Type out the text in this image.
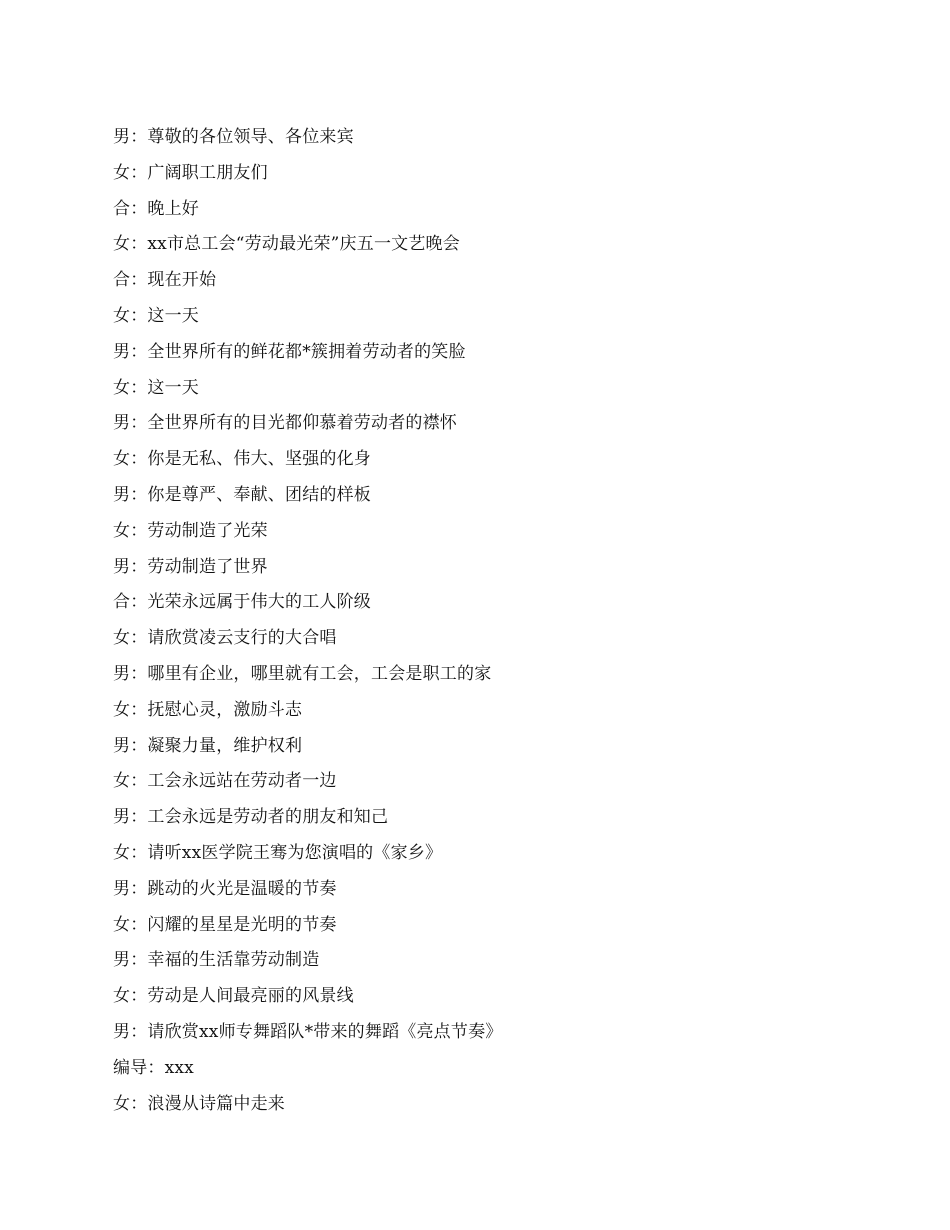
男：尊敬的各位领导、各位来宾
女：广阔职工朋友们
合：晚上好
女：xx市总工会“劳动最光荣”庆五一文艺晚会
合：现在开始
女：这一天
男：全世界所有的鲜花都*簇拥着劳动者的笑脸
女：这一天
男：全世界所有的目光都仰慕着劳动者的襟怀
女：你是无私、伟大、坚强的化身
男：你是尊严、奉献、团结的样板
女：劳动制造了光荣
男：劳动制造了世界
合：光荣永远属于伟大的工人阶级
女：请欣赏凌云支行的大合唱
男：哪里有企业，哪里就有工会，工会是职工的家
女：抚慰心灵，激励斗志
男：凝聚力量，维护权利
女：工会永远站在劳动者一边
男：工会永远是劳动者的朋友和知己
女：请听xx医学院王骞为您演唱的《家乡》
男：跳动的火光是温暖的节奏
女：闪耀的星星是光明的节奏
男：幸福的生活靠劳动制造
女：劳动是人间最亮丽的风景线
男：请欣赏xx师专舞蹈队*带来的舞蹈《亮点节奏》
编导：xxx
女：浪漫从诗篇中走来
